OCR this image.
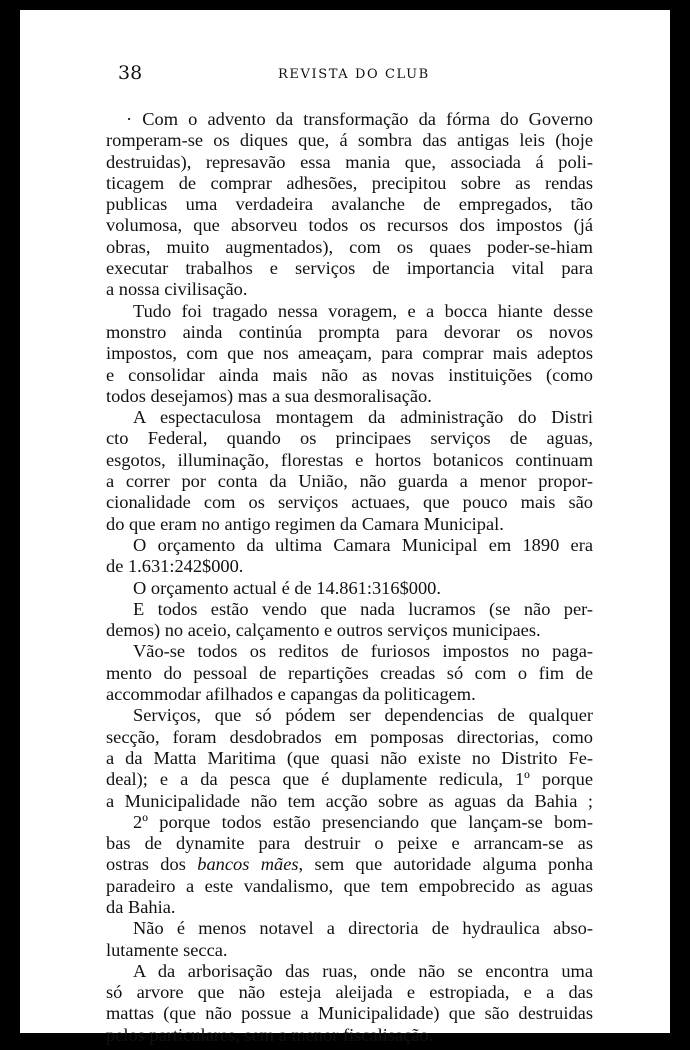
38	REVISTA DO CLUB
· Com o advento da transformação da fórma do Governo
romperam-se os diques que, á sombra das antigas leis (hoje
destruidas), represavão essa mania que, associada á poli-
ticagem de comprar adhesões, precipitou sobre as rendas
publicas uma verdadeira avalanche de empregados, tão
volumosa, que absorveu todos os recursos dos impostos (já
obras, muito augmentados), com os quaes poder-se-hiam
executar trabalhos e serviços de importancia vital para
a nossa civilisação.
Tudo foi tragado nessa voragem, e a bocca hiante desse
monstro ainda continúa prompta para devorar os novos
impostos, com que nos ameaçam, para comprar mais adeptos
e consolidar ainda mais não as novas instituições (como
todos desejamos) mas a sua desmoralisação.
A espectaculosa montagem da administração do Distri
cto Federal, quando os principaes serviços de aguas,
esgotos, illuminação, florestas e hortos botanicos continuam
a correr por conta da União, não guarda a menor propor-
cionalidade com os serviços actuaes, que pouco mais são
do que eram no antigo regimen da Camara Municipal.
O orçamento da ultima Camara Municipal em 1890 era
de 1.631:242$000.
O orçamento actual é de 14.861:316$000.
E todos estão vendo que nada lucramos (se não per-
demos) no aceio, calçamento e outros serviços municipaes.
Vão-se todos os reditos de furiosos impostos no paga-
mento do pessoal de repartições creadas só com o fim de
accommodar afilhados e capangas da politicagem.
Serviços, que só pódem ser dependencias de qualquer
secção, foram desdobrados em pomposas directorias, como
a da Matta Maritima (que quasi não existe no Distrito Fe-
deal); e a da pesca que é duplamente redicula, 1º porque
a Municipalidade não tem acção sobre as aguas da Bahia ;
2º porque todos estão presenciando que lançam-se bom-
bas de dynamite para destruir o peixe e arrancam-se as
ostras dos bancos mães, sem que autoridade alguma ponha
paradeiro a este vandalismo, que tem empobrecido as aguas
da Bahia.
Não é menos notavel a directoria de hydraulica abso-
lutamente secca.
A da arborisação das ruas, onde não se encontra uma
só arvore que não esteja aleijada e estropiada, e a das
mattas (que não possue a Municipalidade) que são destruidas
pelos particulares, sem a menor fiscalisação.
